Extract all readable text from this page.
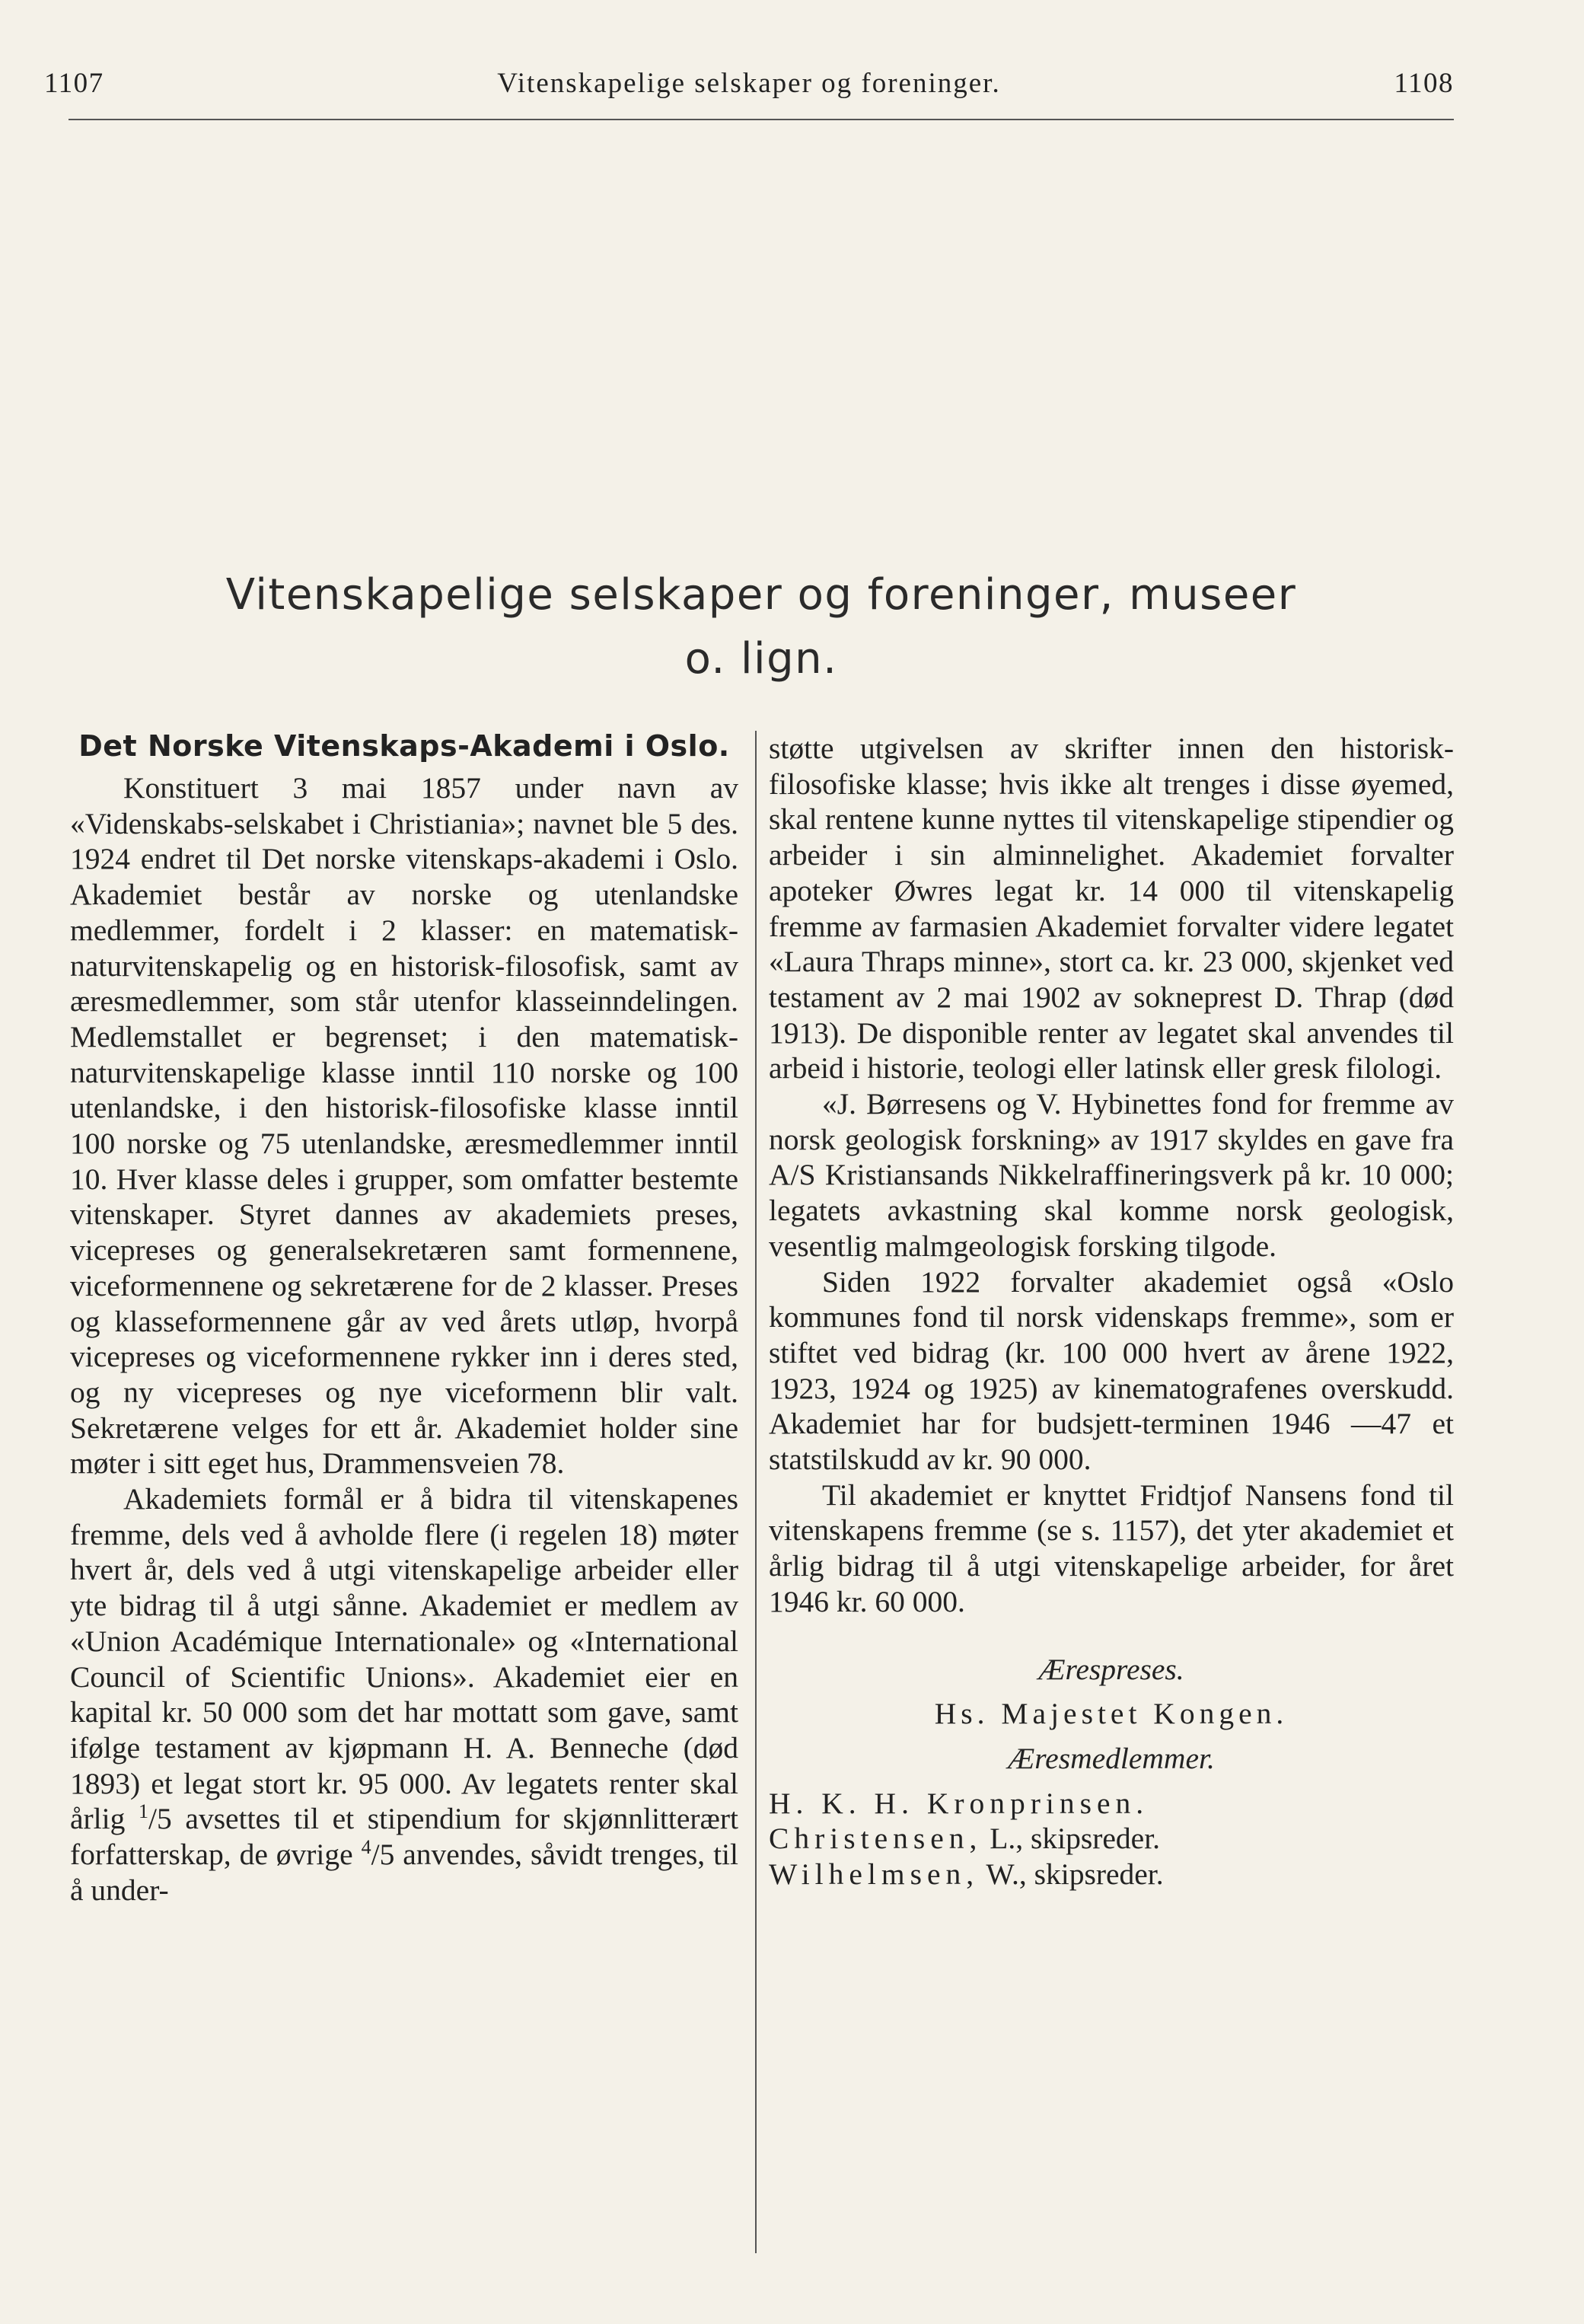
1107	Vitenskapelige selskaper og foreninger.	1108
Vitenskapelige selskaper og foreninger, museer
o. lign.
Det Norske Vitenskaps-Akademi i Oslo.

Konstituert 3 mai 1857 under navn av «Videnskabs-selskabet i Christiania»; navnet ble 5 des. 1924 endret til Det norske vitenskaps-akademi i Oslo. Akademiet består av norske og utenlandske medlemmer, fordelt i 2 klasser: en matematisk-naturvitenskapelig og en historisk-filosofisk, samt av æresmedlemmer, som står utenfor klasseinndelingen. Medlemstallet er begrenset; i den matematisk-naturvitenskapelige klasse inntil 110 norske og 100 utenlandske, i den historisk-filosofiske klasse inntil 100 norske og 75 utenlandske, æresmedlemmer inntil 10. Hver klasse deles i grupper, som omfatter bestemte vitenskaper. Styret dannes av akademiets preses, vicepreses og generalsekretæren samt formennene, viceformennene og sekretærene for de 2 klasser. Preses og klasseformennene går av ved årets utløp, hvorpå vicepreses og viceformennene rykker inn i deres sted, og ny vicepreses og nye viceformenn blir valt. Sekretærene velges for ett år. Akademiet holder sine møter i sitt eget hus, Drammensveien 78.

Akademiets formål er å bidra til vitenskapenes fremme, dels ved å avholde flere (i regelen 18) møter hvert år, dels ved å utgi vitenskapelige arbeider eller yte bidrag til å utgi sånne. Akademiet er medlem av «Union Académique Internationale» og «International Council of Scientific Unions». Akademiet eier en kapital kr. 50 000 som det har mottatt som gave, samt ifølge testament av kjøpmann H. A. Benneche (død 1893) et legat stort kr. 95 000. Av legatets renter skal årlig $^1$/5 avsettes til et stipendium for skjønnlitterært forfatterskap, de øvrige $^4$/5 anvendes, såvidt trenges, til å under-

støtte utgivelsen av skrifter innen den historisk-filosofiske klasse; hvis ikke alt trenges i disse øyemed, skal rentene kunne nyttes til vitenskapelige stipendier og arbeider i sin alminnelighet. Akademiet forvalter apoteker Øwres legat kr. 14 000 til vitenskapelig fremme av farmasien Akademiet forvalter videre legatet «Laura Thraps minne», stort ca. kr. 23 000, skjenket ved testament av 2 mai 1902 av sokneprest D. Thrap (død 1913). De disponible renter av legatet skal anvendes til arbeid i historie, teologi eller latinsk eller gresk filologi.

«J. Børresens og V. Hybinettes fond for fremme av norsk geologisk forskning» av 1917 skyldes en gave fra A/S Kristiansands Nikkelraffineringsverk på kr. 10 000; legatets avkastning skal komme norsk geologisk, vesentlig malmgeologisk forsking tilgode.

Siden 1922 forvalter akademiet også «Oslo kommunes fond til norsk videnskaps fremme», som er stiftet ved bidrag (kr. 100 000 hvert av årene 1922, 1923, 1924 og 1925) av kinematografenes overskudd. Akademiet har for budsjett-terminen 1946 —47 et statstilskudd av kr. 90 000.

Til akademiet er knyttet Fridtjof Nansens fond til vitenskapens fremme (se s. 1157), det yter akademiet et årlig bidrag til å utgi vitenskapelige arbeider, for året 1946 kr. 60 000.

Ærespreses.
Hs. Majestet Kongen.
Æresmedlemmer.
H. K. H. Kronprinsen.
Christensen, L., skipsreder.
Wilhelmsen, W., skipsreder.
